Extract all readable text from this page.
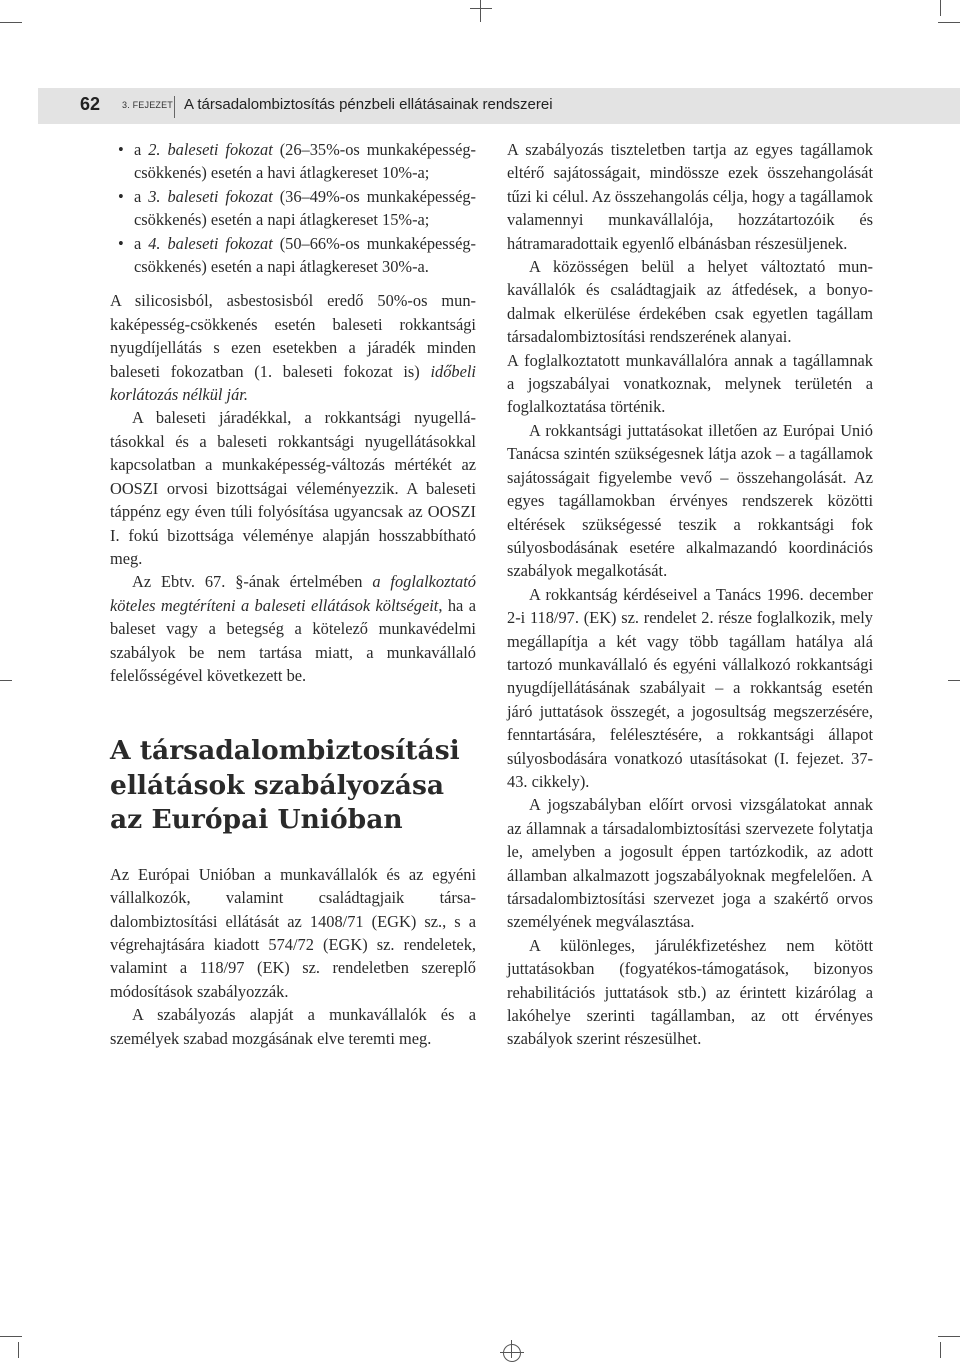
62	3. FEJEZET A társadalombiztosítás pénzbeli ellátásainak rendszerei
• a 2. baleseti fokozat (26–35%-os munkaképesség-csökkenés) esetén a havi átlagkereset 10%-a;
• a 3. baleseti fokozat (36–49%-os munkaképesség-csökkenés) esetén a napi átlagkereset 15%-a;
• a 4. baleseti fokozat (50–66%-os munkaképesség-csökkenés) esetén a napi átlagkereset 30%-a.

A silicosisból, asbestosisból eredő 50%-os munkaképesség-csökkenés esetén baleseti rokkantsági nyugdíjellátás s ezen esetekben a járadék minden baleseti fokozatban (1. baleseti fokozat is) időbeli korlátozás nélkül jár.

A baleseti járadékkal, a rokkantsági nyugellátásokkal és a baleseti rokkantsági nyugellátásokkal kapcsolatban a munkaképesség-változás mértékét az OOSZI orvosi bizottságai véleményezzik. A baleseti táppénz egy éven túli folyósítása ugyancsak az OOSZI I. fokú bizottsága véleménye alapján hosszabbítható meg.

Az Ebtv. 67. §-ának értelmében a foglalkoztató köteles megtéríteni a baleseti ellátások költségeit, ha a baleset vagy a betegség a kötelező munkavédelmi szabályok be nem tartása miatt, a munkavállaló felelősségével következett be.

A társadalombiztosítási
ellátások szabályozása
az Európai Unióban

Az Európai Unióban a munkavállalók és az egyéni vállalkozók, valamint családtagjaik társadalombiztosítási ellátását az 1408/71 (EGK) sz., s a végrehajtására kiadott 574/72 (EGK) sz. rendeletek, valamint a 118/97 (EK) sz. rendeletben szereplő módosítások szabályozzák.

A szabályozás alapját a munkavállalók és a személyek szabad mozgásának elve teremti meg.

A szabályozás tiszteletben tartja az egyes tagállamok eltérő sajátosságait, mindössze ezek összehangolását tűzi ki célul. Az összehangolás célja, hogy a tagállamok valamennyi munkavállalója, hozzátartozóik és hátramaradottaik egyenlő elbánásban részesüljenek.

A közösségen belül a helyet változtató munkavállalók és családtagjaik az átfedések, a bonyodalmak elkerülése érdekében csak egyetlen tagállam társadalombiztosítási rendszerének alanyai.

A foglalkoztatott munkavállalóra annak a tagállamnak a jogszabályai vonatkoznak, melynek területén a foglalkoztatása történik.

A rokkantsági juttatásokat illetően az Európai Unió Tanácsa szintén szükségesnek látja azok – a tagállamok sajátosságait figyelembe vevő – összehangolását. Az egyes tagállamokban érvényes rendszerek közötti eltérések szükségessé teszik a rokkantsági fok súlyosbodásának esetére alkalmazandó koordinációs szabályok megalkotását.

A rokkantság kérdéseivel a Tanács 1996. december 2-i 118/97. (EK) sz. rendelet 2. része foglalkozik, mely megállapítja a két vagy több tagállam hatálya alá tartozó munkavállaló és egyéni vállalkozó rokkantsági nyugdíjellátásának szabályait – a rokkantság esetén járó juttatások összegét, a jogosultság megszerzésére, fenntartására, felélesztésére, a rokkantsági állapot súlyosbodására vonatkozó utasításokat (I. fejezet. 37-43. cikkely).

A jogszabályban előírt orvosi vizsgálatokat annak az államnak a társadalombiztosítási szervezete folytatja le, amelyben a jogosult éppen tartózkodik, az adott államban alkalmazott jogszabályoknak megfelelően. A társadalombiztosítási szervezet joga a szakértő orvos személyének megválasztása.

A különleges, járulékfizetéshez nem kötött juttatásokban (fogyatékos-támogatások, bizonyos rehabilitációs juttatások stb.) az érintett kizárólag a lakóhelye szerinti tagállamban, az ott érvényes szabályok szerint részesülhet.
